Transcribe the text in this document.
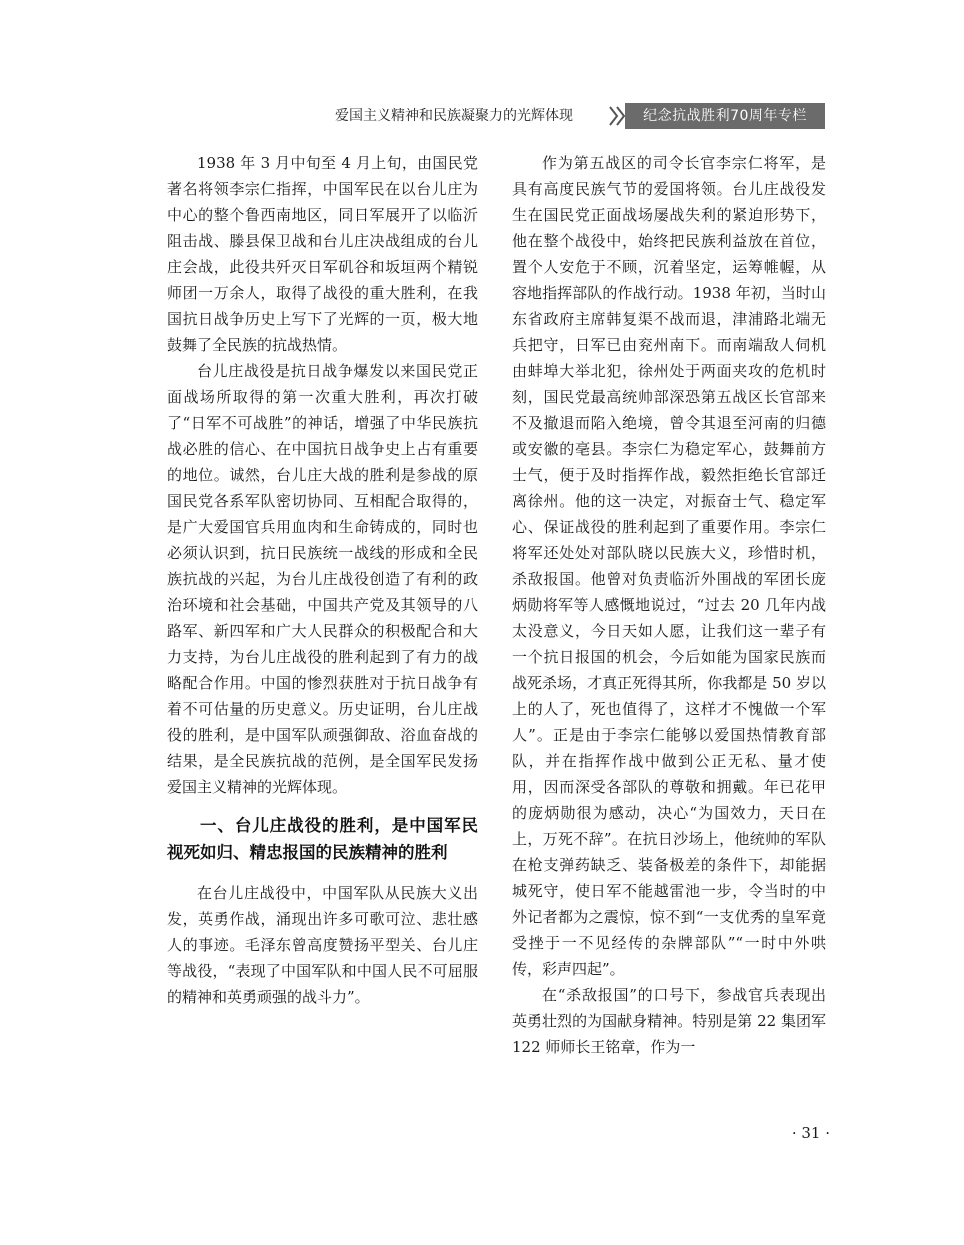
爱国主义精神和民族凝聚力的光辉体现	纪念抗战胜利70周年专栏

1938 年 3 月中旬至 4 月上旬，由国民党著名将领李宗仁指挥，中国军民在以台儿庄为中心的整个鲁西南地区，同日军展开了以临沂阻击战、滕县保卫战和台儿庄决战组成的台儿庄会战，此役共歼灭日军矶谷和坂垣两个精锐师团一万余人，取得了战役的重大胜利，在我国抗日战争历史上写下了光辉的一页，极大地鼓舞了全民族的抗战热情。

台儿庄战役是抗日战争爆发以来国民党正面战场所取得的第一次重大胜利，再次打破了“日军不可战胜”的神话，增强了中华民族抗战必胜的信心、在中国抗日战争史上占有重要的地位。诚然，台儿庄大战的胜利是参战的原国民党各系军队密切协同、互相配合取得的，是广大爱国官兵用血肉和生命铸成的，同时也必须认识到，抗日民族统一战线的形成和全民族抗战的兴起，为台儿庄战役创造了有利的政治环境和社会基础，中国共产党及其领导的八路军、新四军和广大人民群众的积极配合和大力支持，为台儿庄战役的胜利起到了有力的战略配合作用。中国的惨烈获胜对于抗日战争有着不可估量的历史意义。历史证明，台儿庄战役的胜利，是中国军队顽强御敌、浴血奋战的结果，是全民族抗战的范例，是全国军民发扬爱国主义精神的光辉体现。

一、台儿庄战役的胜利，是中国军民视死如归、精忠报国的民族精神的胜利

在台儿庄战役中，中国军队从民族大义出发，英勇作战，涌现出许多可歌可泣、悲壮感人的事迹。毛泽东曾高度赞扬平型关、台儿庄等战役，“表现了中国军队和中国人民不可屈服的精神和英勇顽强的战斗力”。

作为第五战区的司令长官李宗仁将军，是具有高度民族气节的爱国将领。台儿庄战役发生在国民党正面战场屡战失利的紧迫形势下，他在整个战役中，始终把民族利益放在首位，置个人安危于不顾，沉着坚定，运筹帷幄，从容地指挥部队的作战行动。1938 年初，当时山东省政府主席韩复渠不战而退，津浦路北端无兵把守，日军已由兖州南下。而南端敌人伺机由蚌埠大举北犯，徐州处于两面夹攻的危机时刻，国民党最高统帅部深恐第五战区长官部来不及撤退而陷入绝境，曾令其退至河南的归德或安徽的亳县。李宗仁为稳定军心，鼓舞前方士气，便于及时指挥作战，毅然拒绝长官部迁离徐州。他的这一决定，对振奋士气、稳定军心、保证战役的胜利起到了重要作用。李宗仁将军还处处对部队晓以民族大义，珍惜时机，杀敌报国。他曾对负责临沂外围战的军团长庞炳勋将军等人感慨地说过，“过去 20 几年内战太没意义，今日天如人愿，让我们这一辈子有一个抗日报国的机会，今后如能为国家民族而战死杀场，才真正死得其所，你我都是 50 岁以上的人了，死也值得了，这样才不愧做一个军人”。正是由于李宗仁能够以爱国热情教育部队，并在指挥作战中做到公正无私、量才使用，因而深受各部队的尊敬和拥戴。年已花甲的庞炳勋很为感动，决心“为国效力，天日在上，万死不辞”。在抗日沙场上，他统帅的军队在枪支弹药缺乏、装备极差的条件下，却能据城死守，使日军不能越雷池一步，令当时的中外记者都为之震惊，惊不到“一支优秀的皇军竟受挫于一不见经传的杂牌部队”“一时中外哄传，彩声四起”。

在“杀敌报国”的口号下，参战官兵表现出英勇壮烈的为国献身精神。特别是第 22 集团军 122 师师长王铭章，作为一

· 31 ·
